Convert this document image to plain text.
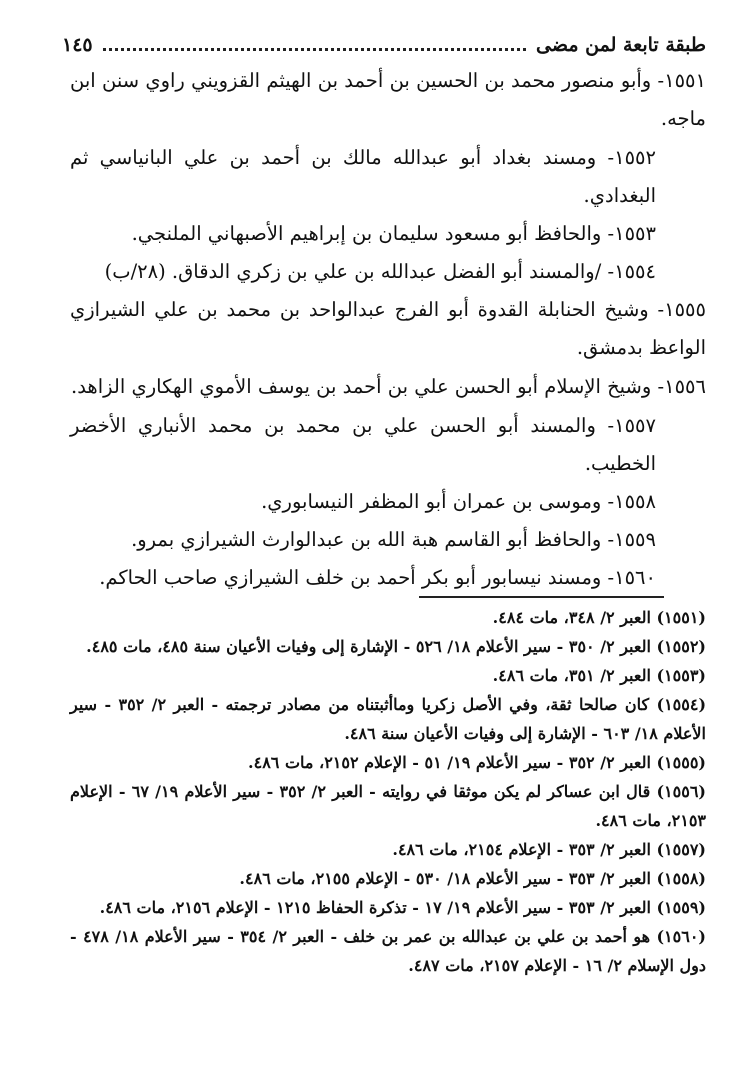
طبقة تابعة لمن مضى
١٤٥
١٥٥١- وأبو منصور محمد بن الحسين بن أحمد بن الهيثم القزويني راوي سنن ابن ماجه.
١٥٥٢- ومسند بغداد أبو عبدالله مالك بن أحمد بن علي البانياسي ثم البغدادي.
١٥٥٣- والحافظ أبو مسعود سليمان بن إبراهيم الأصبهاني الملنجي.
١٥٥٤- /والمسند أبو الفضل عبدالله بن علي بن زكري الدقاق. (٢٨/ب)
١٥٥٥- وشيخ الحنابلة القدوة أبو الفرج عبدالواحد بن محمد بن علي الشيرازي الواعظ بدمشق.
١٥٥٦- وشيخ الإسلام أبو الحسن علي بن أحمد بن يوسف الأموي الهكاري الزاهد.
١٥٥٧- والمسند أبو الحسن علي بن محمد بن محمد الأنباري الأخضر الخطيب.
١٥٥٨- وموسى بن عمران أبو المظفر النيسابوري.
١٥٥٩- والحافظ أبو القاسم هبة الله بن عبدالوارث الشيرازي بمرو.
١٥٦٠- ومسند نيسابور أبو بكر أحمد بن خلف الشيرازي صاحب الحاكم.
(١٥٥١) العبر ٢/ ٣٤٨، مات ٤٨٤.
(١٥٥٢) العبر ٢/ ٣٥٠ - سير الأعلام ١٨/ ٥٢٦ - الإشارة إلى وفيات الأعيان سنة ٤٨٥، مات ٤٨٥.
(١٥٥٣) العبر ٢/ ٣٥١، مات ٤٨٦.
(١٥٥٤) كان صالحا ثقة، وفي الأصل زكريا وماأثبتناه من مصادر ترجمته - العبر ٢/ ٣٥٢ - سير الأعلام ١٨/ ٦٠٣ - الإشارة إلى وفيات الأعيان سنة ٤٨٦.
(١٥٥٥) العبر ٢/ ٣٥٢ - سير الأعلام ١٩/ ٥١ - الإعلام ٢١٥٢، مات ٤٨٦.
(١٥٥٦) قال ابن عساكر لم يكن موثقا في روايته - العبر ٢/ ٣٥٢ - سير الأعلام ١٩/ ٦٧ - الإعلام ٢١٥٣، مات ٤٨٦.
(١٥٥٧) العبر ٢/ ٣٥٣ - الإعلام ٢١٥٤، مات ٤٨٦.
(١٥٥٨) العبر ٢/ ٣٥٣ - سير الأعلام ١٨/ ٥٣٠ - الإعلام ٢١٥٥، مات ٤٨٦.
(١٥٥٩) العبر ٢/ ٣٥٣ - سير الأعلام ١٩/ ١٧ - تذكرة الحفاظ ١٢١٥ - الإعلام ٢١٥٦، مات ٤٨٦.
(١٥٦٠) هو أحمد بن علي بن عبدالله بن عمر بن خلف - العبر ٢/ ٣٥٤ - سير الأعلام ١٨/ ٤٧٨ - دول الإسلام ٢/ ١٦ - الإعلام ٢١٥٧، مات ٤٨٧.
